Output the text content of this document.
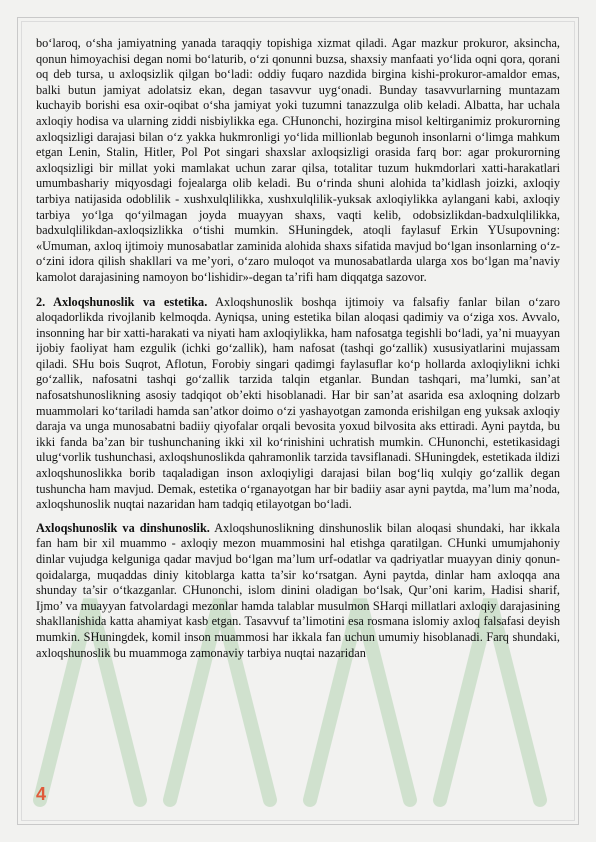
bo‘laroq, o‘sha jamiyatning yanada taraqqiy topishiga xizmat qiladi. Agar mazkur prokuror, aksincha, qonun himoyachisi degan nomi bo‘laturib, o‘zi qonunni buzsa, shaxsiy manfaati yo‘lida oqni qora, qorani oq deb tursa, u axloqsizlik qilgan bo‘ladi: oddiy fuqaro nazdida birgina kishi-prokuror-amaldor emas, balki butun jamiyat adolatsiz ekan, degan tasavvur uyg‘onadi. Bunday tasavvurlarning muntazam kuchayib borishi esa oxir-oqibat o‘sha jamiyat yoki tuzumni tanazzulga olib keladi. Albatta, har uchala axloqiy hodisa va ularning ziddi nisbiylikka ega. CHunonchi, hozirgina misol keltirganimiz prokurorning axloqsizligi darajasi bilan o‘z yakka hukmronligi yo‘lida millionlab begunoh insonlarni o‘limga mahkum etgan Lenin, Stalin, Hitler, Pol Pot singari shaxslar axloqsizligi orasida farq bor: agar prokurorning axloqsizligi bir millat yoki mamlakat uchun zarar qilsa, totalitar tuzum hukmdorlari xatti-harakatlari umumbashariy miqyosdagi fojealarga olib keladi. Bu o‘rinda shuni alohida ta’kidlash joizki, axloqiy tarbiya natijasida odoblilik - xushxulqlilikka, xushxulqlilik-yuksak axloqiylikka aylangani kabi, axloqiy tarbiya yo‘lga qo‘yilmagan joyda muayyan shaxs, vaqti kelib, odobsizlikdan-badxulqlilikka, badxulqlilikdan-axloqsizlikka o‘tishi mumkin. SHuningdek, atoqli faylasuf Erkin YUsupovning: «Umuman, axloq ijtimoiy munosabatlar zaminida alohida shaxs sifatida mavjud bo‘lgan insonlarning o‘z-o‘zini idora qilish shakllari va me’yori, o‘zaro muloqot va munosabatlarda ularga xos bo‘lgan ma’naviy kamolot darajasining namoyon bo‘lishidir»-degan ta’rifi ham diqqatga sazovor.

2. Axloqshunoslik va estetika. Axloqshunoslik boshqa ijtimoiy va falsafiy fanlar bilan o‘zaro aloqadorlikda rivojlanib kelmoqda. Ayniqsa, uning estetika bilan aloqasi qadimiy va o‘ziga xos. Avvalo, insonning har bir xatti-harakati va niyati ham axloqiylikka, ham nafosatga tegishli bo‘ladi, ya’ni muayyan ijobiy faoliyat ham ezgulik (ichki go‘zallik), ham nafosat (tashqi go‘zallik) xususiyatlarini mujassam qiladi. SHu bois Suqrot, Aflotun, Forobiy singari qadimgi faylasuflar ko‘p hollarda axloqiylikni ichki go‘zallik, nafosatni tashqi go‘zallik tarzida talqin etganlar. Bundan tashqari, ma’lumki, san’at nafosatshunoslikning asosiy tadqiqot ob’ekti hisoblanadi. Har bir san’at asarida esa axloqning dolzarb muammolari ko‘tariladi hamda san’atkor doimo o‘zi yashayotgan zamonda erishilgan eng yuksak axloqiy daraja va unga munosabatni badiiy qiyofalar orqali bevosita yoxud bilvosita aks ettiradi. Ayni paytda, bu ikki fanda ba’zan bir tushunchaning ikki xil ko‘rinishini uchratish mumkin. CHunonchi, estetikasidagi ulug‘vorlik tushunchasi, axloqshunoslikda qahramonlik tarzida tavsiflanadi. SHuningdek, estetikada ildizi axloqshunoslikka borib taqaladigan inson axloqiyligi darajasi bilan bog‘liq xulqiy go‘zallik degan tushuncha ham mavjud. Demak, estetika o‘rganayotgan har bir badiiy asar ayni paytda, ma’lum ma’noda, axloqshunoslik nuqtai nazaridan ham tadqiq etilayotgan bo‘ladi.

Axloqshunoslik va dinshunoslik. Axloqshunoslikning dinshunoslik bilan aloqasi shundaki, har ikkala fan ham bir xil muammo - axloqiy mezon muammosini hal etishga qaratilgan. CHunki umumjahoniy dinlar vujudga kelguniga qadar mavjud bo‘lgan ma’lum urf-odatlar va qadriyatlar muayyan diniy qonun-qoidalarga, muqaddas diniy kitoblarga katta ta’sir ko‘rsatgan. Ayni paytda, dinlar ham axloqqa ana shunday ta’sir o‘tkazganlar. CHunonchi, islom dinini oladigan bo‘lsak, Qur’oni karim, Hadisi sharif, Ijmo’ va muayyan fatvolardagi mezonlar hamda talablar musulmon SHarqi millatlari axloqiy darajasining shakllanishida katta ahamiyat kasb etgan. Tasavvuf ta’limotini esa rosmana islomiy axloq falsafasi deyish mumkin. SHuningdek, komil inson muammosi har ikkala fan uchun umumiy hisoblanadi. Farq shundaki, axloqshunoslik bu muammoga zamonaviy tarbiya nuqtai nazaridan

4
